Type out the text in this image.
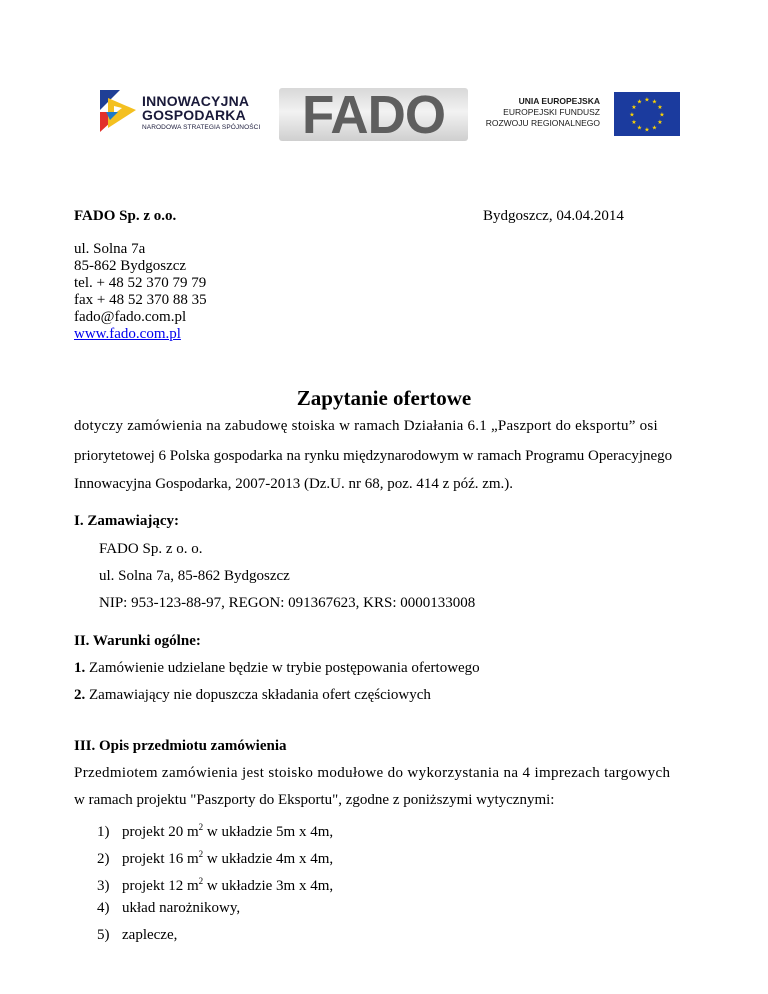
INNOWACYJNA
GOSPODARKA
NARODOWA STRATEGIA SPÓJNOŚCI FADO	UNIA EUROPEJSKA
EUROPEJSKI FUNDUSZ
ROZWOJU REGIONALNEGO
★ ★
★
★
★
★
★
★
★
★
★
★
FADO Sp. z o.o.	Bydgoszcz, 04.04.2014
ul. Solna 7a
85-862 Bydgoszcz
tel. + 48 52 370 79 79
fax + 48 52 370 88 35
fado@fado.com.pl
www.fado.com.pl
Zapytanie ofertowe
dotyczy zamówienia na zabudowę stoiska w ramach Działania 6.1 „Paszport do eksportu” osi
priorytetowej 6 Polska gospodarka na rynku międzynarodowym w ramach Programu Operacyjnego
Innowacyjna Gospodarka, 2007-2013 (Dz.U. nr 68, poz. 414 z póź. zm.).
I. Zamawiający:
FADO Sp. z o. o.
ul. Solna 7a, 85-862 Bydgoszcz
NIP: 953-123-88-97, REGON: 091367623, KRS: 0000133008
II. Warunki ogólne:
1. Zamówienie udzielane będzie w trybie postępowania ofertowego
2. Zamawiający nie dopuszcza składania ofert częściowych
III. Opis przedmiotu zamówienia
Przedmiotem zamówienia jest stoisko modułowe do wykorzystania na 4 imprezach targowych
w ramach projektu "Paszporty do Eksportu", zgodne z poniższymi wytycznymi:
1) projekt 20 $m^2$ w układzie 5m x 4m,
2) projekt 16 $m^2$ w układzie 4m x 4m,
3) projekt 12 $m^2$ w układzie 3m x 4m,
4) układ narożnikowy,
5) zaplecze,
